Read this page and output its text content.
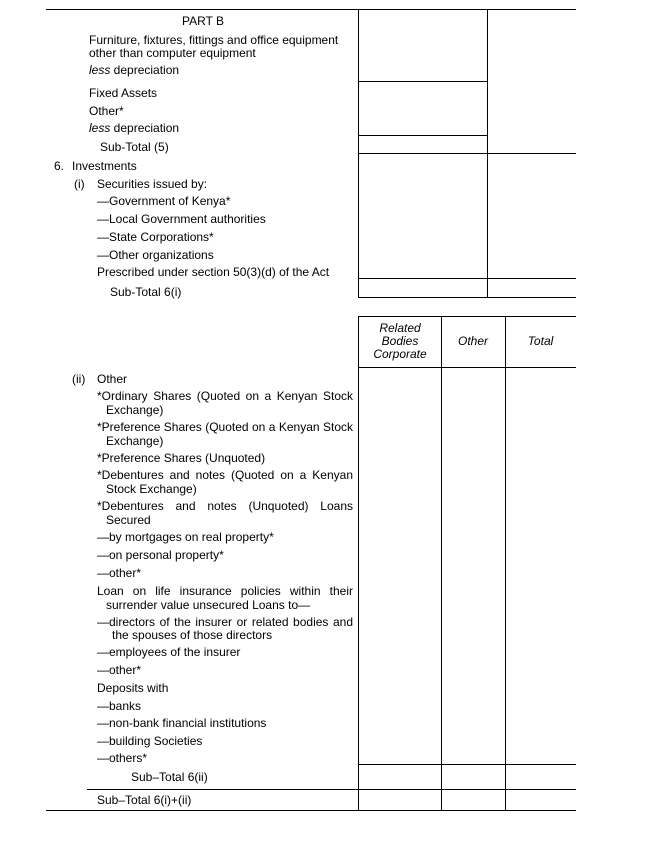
PART B
Furniture, fixtures, fittings and office equipment
other than computer equipment
less depreciation
Fixed Assets
Other*
less depreciation
Sub-Total (5)
6. Investments
(i) Securities issued by:
—Government of Kenya*
—Local Government authorities
—State Corporations*
—Other organizations
Prescribed under section 50(3)(d) of the Act
Sub-Total 6(i)
Related
Bodies
Corporate
Other	Total
(ii) Other
*Ordinary Shares (Quoted on a Kenyan Stock
Exchange)
*Preference Shares (Quoted on a Kenyan Stock
Exchange)
*Preference Shares (Unquoted)
*Debentures and notes (Quoted on a Kenyan
Stock Exchange)
*Debentures and notes (Unquoted) Loans
Secured
—by mortgages on real property*
—on personal property*
—other*
Loan on life insurance policies within their
surrender value unsecured Loans to—
—directors of the insurer or related bodies and
the spouses of those directors
—employees of the insurer
—other*
Deposits with
—banks
—non-bank financial institutions
—building Societies
—others*
Sub–Total 6(ii)
Sub–Total 6(i)+(ii)
